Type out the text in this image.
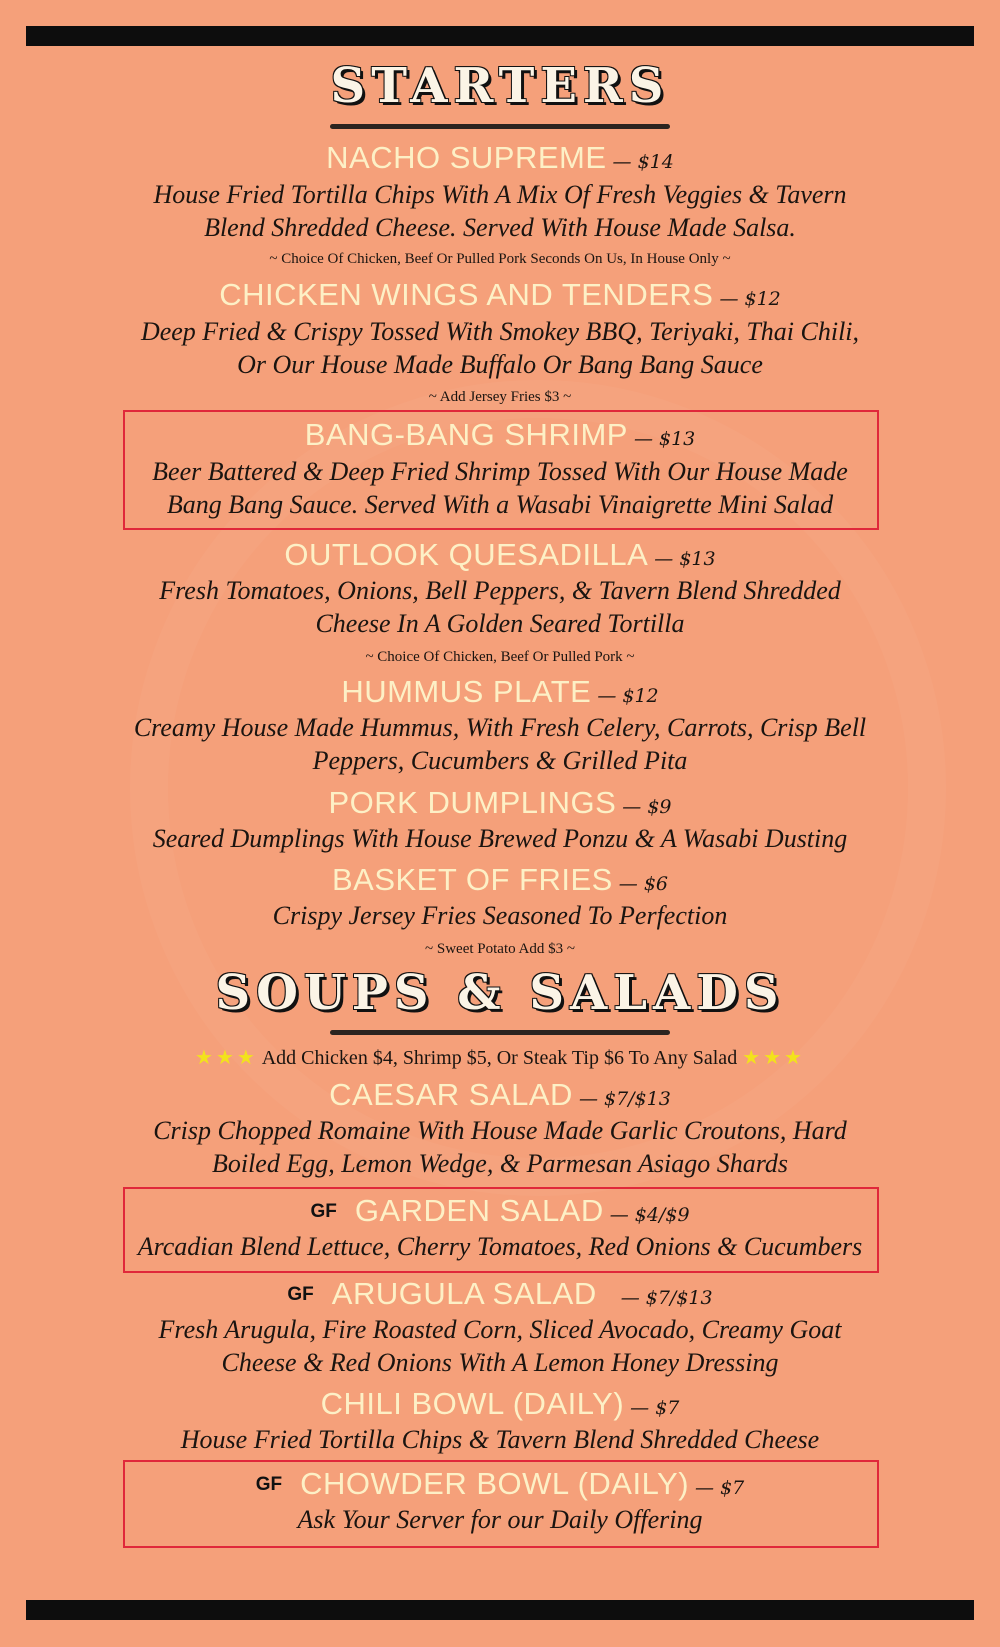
STARTERS
NACHO SUPREME — $14
House Fried Tortilla Chips With A Mix Of Fresh Veggies & Tavern
Blend Shredded Cheese. Served With House Made Salsa.
~ Choice Of Chicken, Beef Or Pulled Pork Seconds On Us, In House Only ~
CHICKEN WINGS AND TENDERS — $12
Deep Fried & Crispy Tossed With Smokey BBQ, Teriyaki, Thai Chili,
Or Our House Made Buffalo Or Bang Bang Sauce
~ Add Jersey Fries $3 ~
BANG-BANG SHRIMP — $13
Beer Battered & Deep Fried Shrimp Tossed With Our House Made
Bang Bang Sauce. Served With a Wasabi Vinaigrette Mini Salad
OUTLOOK QUESADILLA — $13
Fresh Tomatoes, Onions, Bell Peppers, & Tavern Blend Shredded
Cheese In A Golden Seared Tortilla
~ Choice Of Chicken, Beef Or Pulled Pork ~
HUMMUS PLATE — $12
Creamy House Made Hummus, With Fresh Celery, Carrots, Crisp Bell
Peppers, Cucumbers & Grilled Pita
PORK DUMPLINGS — $9
Seared Dumplings With House Brewed Ponzu & A Wasabi Dusting
BASKET OF FRIES — $6
Crispy Jersey Fries Seasoned To Perfection
~ Sweet Potato Add $3 ~
SOUPS & SALADS
★★★ Add Chicken $4, Shrimp $5, Or Steak Tip $6 To Any Salad ★★★
CAESAR SALAD — $7/$13
Crisp Chopped Romaine With House Made Garlic Croutons, Hard
Boiled Egg, Lemon Wedge, & Parmesan Asiago Shards
GF GARDEN SALAD — $4/$9
Arcadian Blend Lettuce, Cherry Tomatoes, Red Onions & Cucumbers
GF ARUGULA SALAD — $7/$13
Fresh Arugula, Fire Roasted Corn, Sliced Avocado, Creamy Goat
Cheese & Red Onions With A Lemon Honey Dressing
CHILI BOWL (DAILY) — $7
House Fried Tortilla Chips & Tavern Blend Shredded Cheese
GF CHOWDER BOWL (DAILY) — $7
Ask Your Server for our Daily Offering
